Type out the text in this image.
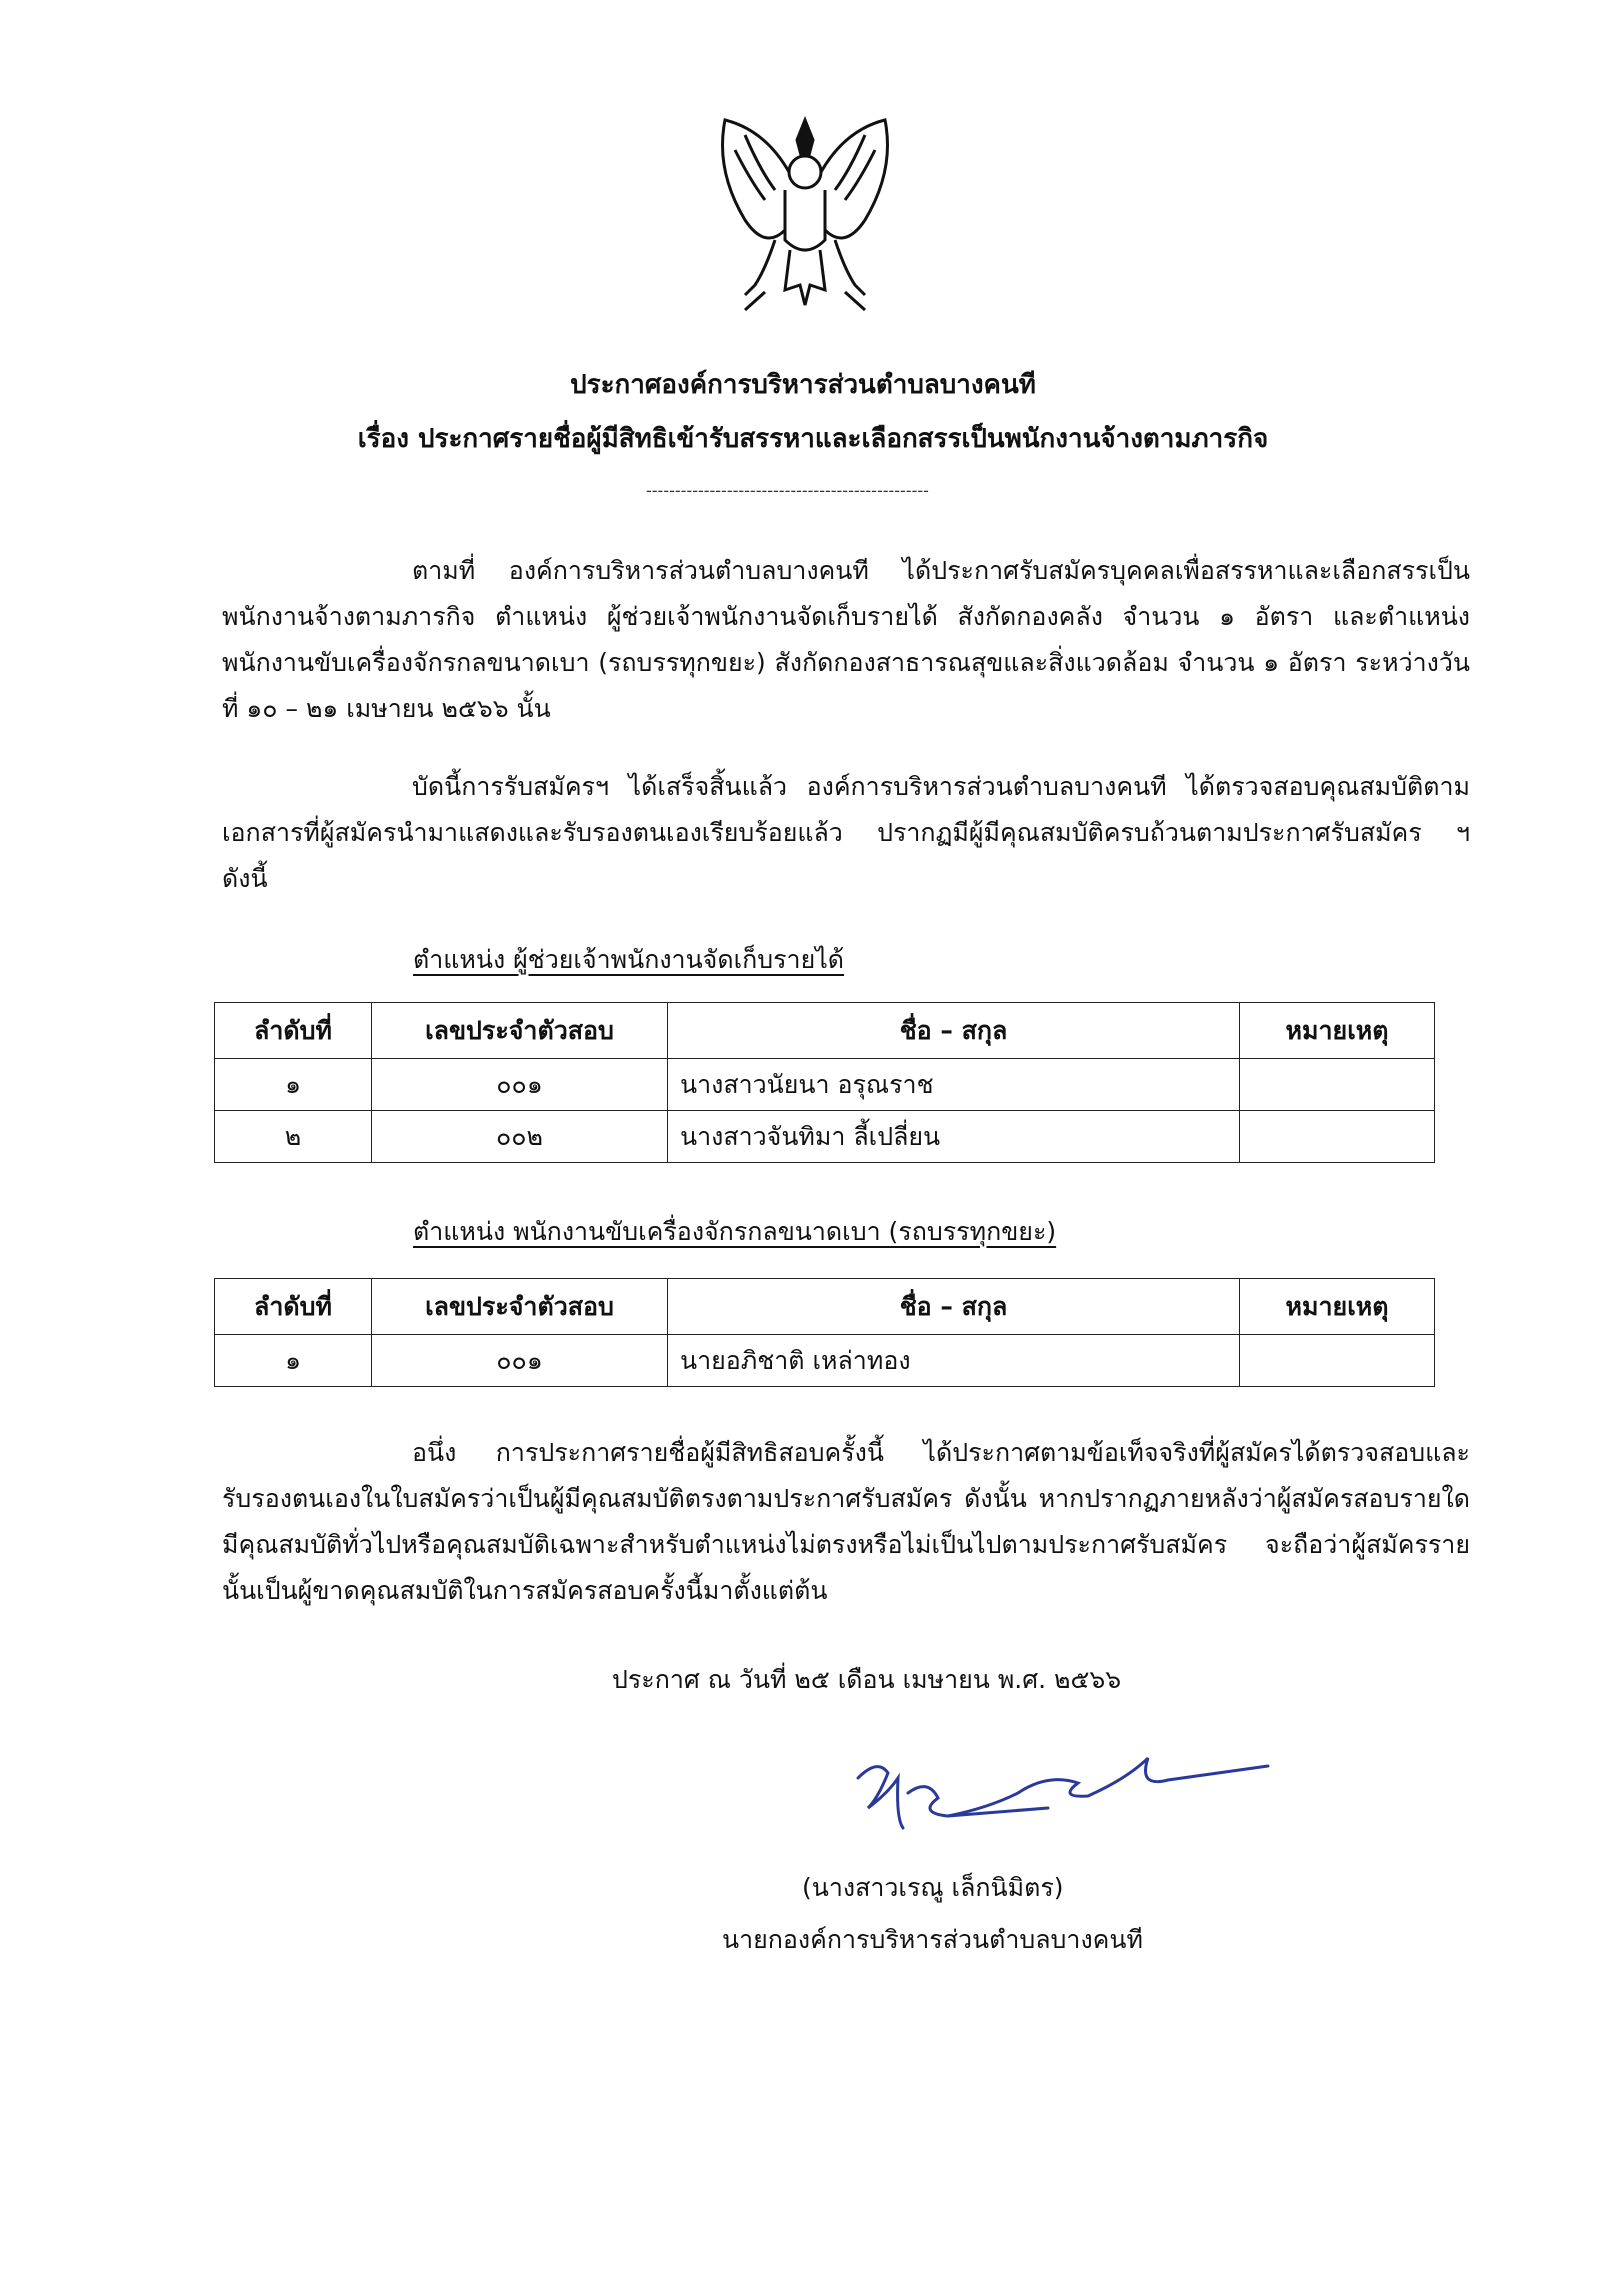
ประกาศองค์การบริหารส่วนตำบลบางคนที
เรื่อง ประกาศรายชื่อผู้มีสิทธิเข้ารับสรรหาและเลือกสรรเป็นพนักงานจ้างตามภารกิจ
-------------------------------------------------

ตามที่ องค์การบริหารส่วนตำบลบางคนที ได้ประกาศรับสมัครบุคคลเพื่อสรรหาและเลือกสรรเป็นพนักงานจ้างตามภารกิจ ตำแหน่ง ผู้ช่วยเจ้าพนักงานจัดเก็บรายได้ สังกัดกองคลัง จำนวน ๑ อัตรา และตำแหน่งพนักงานขับเครื่องจักรกลขนาดเบา (รถบรรทุกขยะ) สังกัดกองสาธารณสุขและสิ่งแวดล้อม จำนวน ๑ อัตรา ระหว่างวันที่ ๑๐ – ๒๑ เมษายน ๒๕๖๖ นั้น

บัดนี้การรับสมัครฯ ได้เสร็จสิ้นแล้ว องค์การบริหารส่วนตำบลบางคนที ได้ตรวจสอบคุณสมบัติตามเอกสารที่ผู้สมัครนำมาแสดงและรับรองตนเองเรียบร้อยแล้ว ปรากฏมีผู้มีคุณสมบัติครบถ้วนตามประกาศรับสมัคร ฯ ดังนี้

ตำแหน่ง ผู้ช่วยเจ้าพนักงานจัดเก็บรายได้
ลำดับที่	เลขประจำตัวสอบ	ชื่อ – สกุล	หมายเหตุ
๑	๐๐๑	นางสาวนัยนา อรุณราช	
๒	๐๐๒	นางสาวจันทิมา ลี้เปลี่ยน	
ตำแหน่ง พนักงานขับเครื่องจักรกลขนาดเบา (รถบรรทุกขยะ)
ลำดับที่	เลขประจำตัวสอบ	ชื่อ – สกุล	หมายเหตุ
๑	๐๐๑	นายอภิชาติ เหล่าทอง	

อนึ่ง การประกาศรายชื่อผู้มีสิทธิสอบครั้งนี้ ได้ประกาศตามข้อเท็จจริงที่ผู้สมัครได้ตรวจสอบและรับรองตนเองในใบสมัครว่าเป็นผู้มีคุณสมบัติตรงตามประกาศรับสมัคร ดังนั้น หากปรากฏภายหลังว่าผู้สมัครสอบรายใดมีคุณสมบัติทั่วไปหรือคุณสมบัติเฉพาะสำหรับตำแหน่งไม่ตรงหรือไม่เป็นไปตามประกาศรับสมัคร จะถือว่าผู้สมัครรายนั้นเป็นผู้ขาดคุณสมบัติในการสมัครสอบครั้งนี้มาตั้งแต่ต้น

ประกาศ ณ วันที่ ๒๕ เดือน เมษายน พ.ศ. ๒๕๖๖
(นางสาวเรณู เล็กนิมิตร)
นายกองค์การบริหารส่วนตำบลบางคนที
